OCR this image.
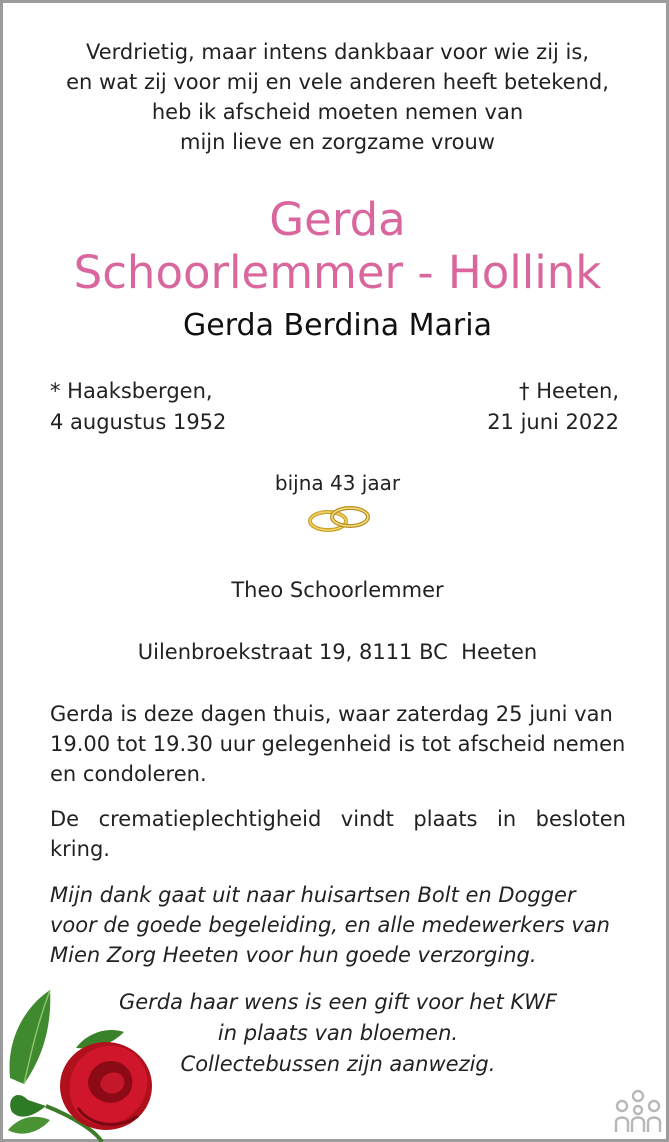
Verdrietig, maar intens dankbaar voor wie zij is,
en wat zij voor mij en vele anderen heeft betekend,
heb ik afscheid moeten nemen van
mijn lieve en zorgzame vrouw
Gerda
Schoorlemmer - Hollink
Gerda Berdina Maria
* Haaksbergen,
4 augustus 1952
† Heeten,
21 juni 2022
bijna 43 jaar
Theo Schoorlemmer
Uilenbroekstraat 19, 8111 BC  Heeten
Gerda is deze dagen thuis, waar zaterdag 25 juni van
19.00 tot 19.30 uur gelegenheid is tot afscheid nemen
en condoleren.
De crematieplechtigheid vindt plaats in besloten kring.
Mijn dank gaat uit naar huisartsen Bolt en Dogger
voor de goede begeleiding, en alle medewerkers van
Mien Zorg Heeten voor hun goede verzorging.
Gerda haar wens is een gift voor het KWF
in plaats van bloemen.
Collectebussen zijn aanwezig.
